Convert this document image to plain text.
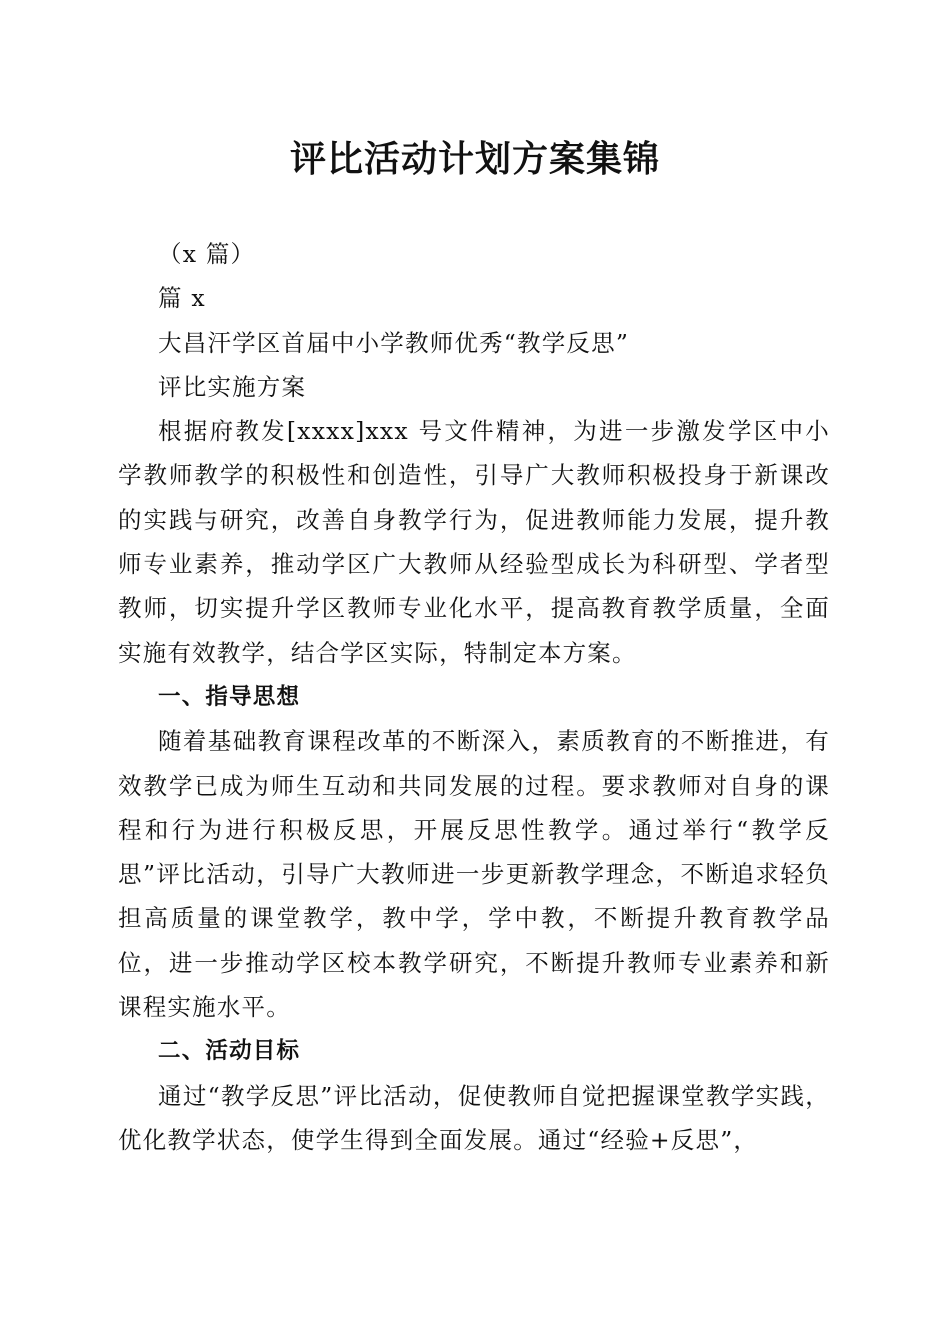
评比活动计划方案集锦
（x 篇）
篇 x
大昌汗学区首届中小学教师优秀“教学反思”
评比实施方案

根据府教发[xxxx]xxx 号文件精神，为进一步激发学区中小学教师教学的积极性和创造性，引导广大教师积极投身于新课改的实践与研究，改善自身教学行为，促进教师能力发展，提升教师专业素养，推动学区广大教师从经验型成长为科研型、学者型教师，切实提升学区教师专业化水平，提高教育教学质量，全面实施有效教学，结合学区实际，特制定本方案。

一、指导思想

随着基础教育课程改革的不断深入，素质教育的不断推进，有效教学已成为师生互动和共同发展的过程。要求教师对自身的课程和行为进行积极反思，开展反思性教学。通过举行“教学反思”评比活动，引导广大教师进一步更新教学理念，不断追求轻负担高质量的课堂教学，教中学，学中教，不断提升教育教学品位，进一步推动学区校本教学研究，不断提升教师专业素养和新课程实施水平。

二、活动目标

通过“教学反思”评比活动，促使教师自觉把握课堂教学实践，优化教学状态，使学生得到全面发展。通过“经验+反思”，
